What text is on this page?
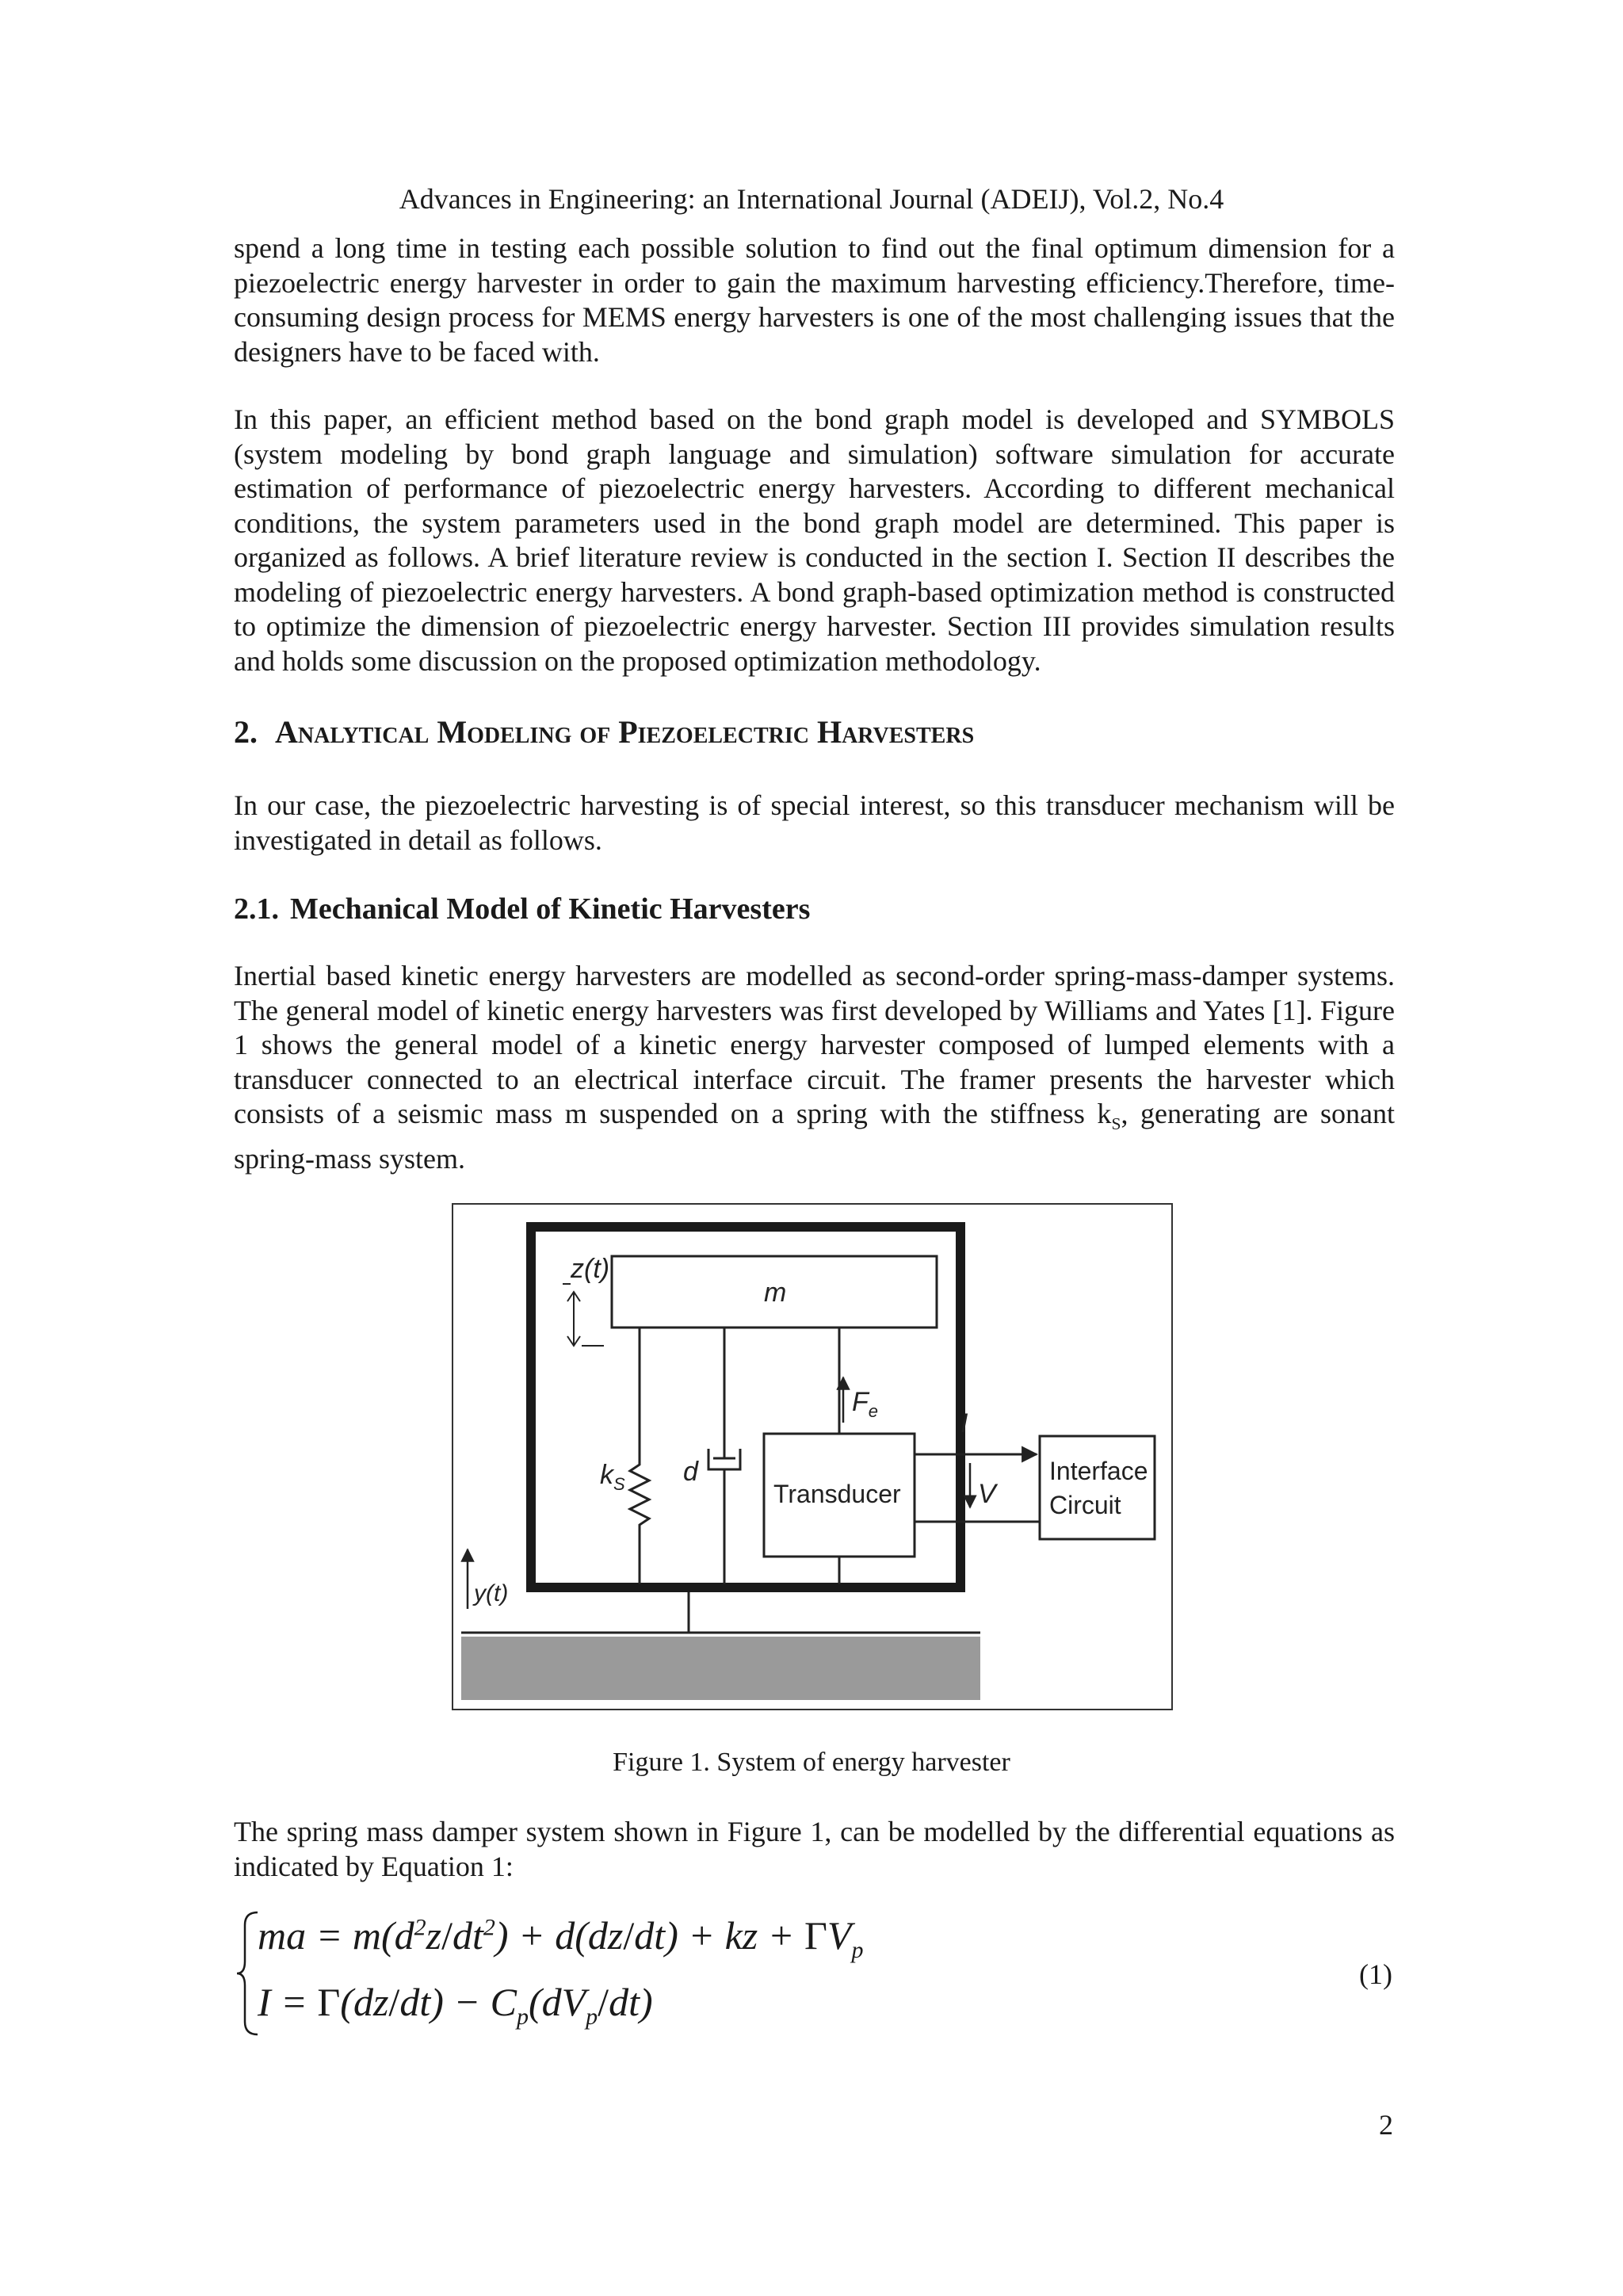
Advances in Engineering: an International Journal (ADEIJ), Vol.2, No.4

spend a long time in testing each possible solution to find out the final optimum dimension for a piezoelectric energy harvester in order to gain the maximum harvesting efficiency.Therefore, time-consuming design process for MEMS energy harvesters is one of the most challenging issues that the designers have to be faced with.

In this paper, an efficient method based on the bond graph model is developed and SYMBOLS (system modeling by bond graph language and simulation) software simulation for accurate estimation of performance of piezoelectric energy harvesters. According to different mechanical conditions, the system parameters used in the bond graph model are determined. This paper is organized as follows. A brief literature review is conducted in the section I. Section II describes the modeling of piezoelectric energy harvesters. A bond graph-based optimization method is constructed to optimize the dimension of piezoelectric energy harvester. Section III provides simulation results and holds some discussion on the proposed optimization methodology.

2. Analytical Modeling of Piezoelectric Harvesters

In our case, the piezoelectric harvesting is of special interest, so this transducer mechanism will be investigated in detail as follows.

2.1. Mechanical Model of Kinetic Harvesters

Inertial based kinetic energy harvesters are modelled as second-order spring-mass-damper systems. The general model of kinetic energy harvesters was first developed by Williams and Yates [1]. Figure 1 shows the general model of a kinetic energy harvester composed of lumped elements with a transducer connected to an electrical interface circuit. The framer presents the harvester which consists of a seismic mass m suspended on a spring with the stiffness $k_S$, generating are sonant spring-mass system.

z(t)
m
$F_e$	I
$k_S$ d
Transducer	V
Interface
Circuit
y(t)
Figure 1. System of energy harvester

The spring mass damper system shown in Figure 1, can be modelled by the differential equations as indicated by Equation 1:

ma = $m(d^2z/dt^2) + d(dz/dt)$ + kz + $\Gamma V_p$
$I = \Gamma(dz/dt) - C_p(dV_p/dt)$
(1)
2
